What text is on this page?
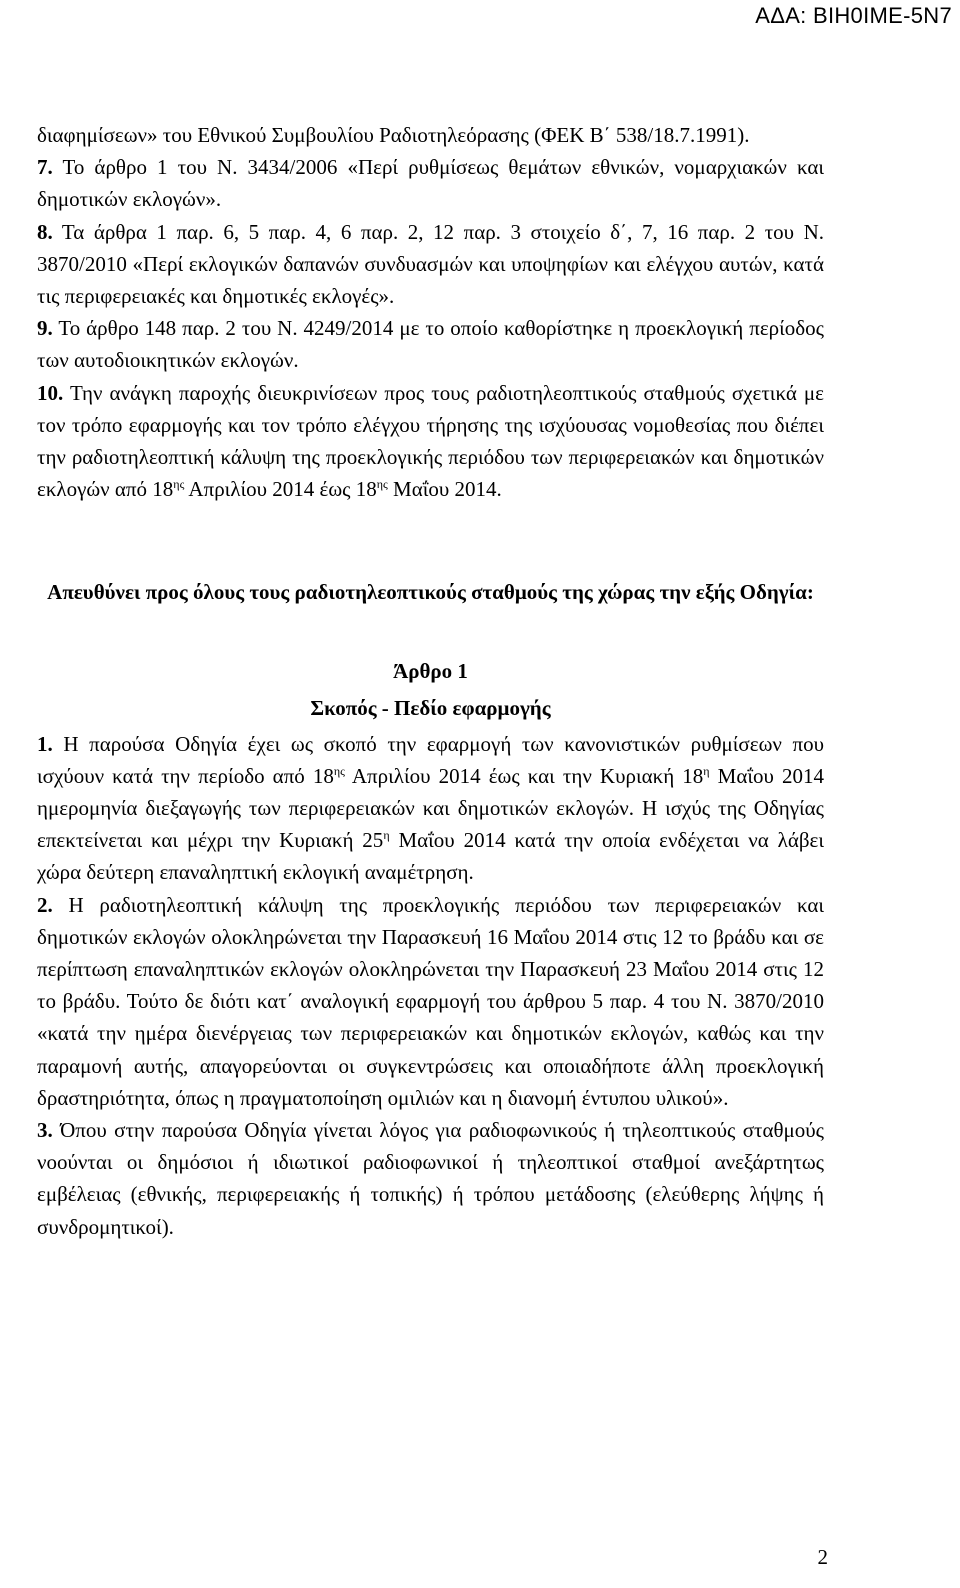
ΑΔΑ: ΒΙΗ0ΙΜΕ-5Ν7

διαφημίσεων» του Εθνικού Συμβουλίου Ραδιοτηλεόρασης (ΦΕΚ Β΄ 538/18.7.1991).

7. Το άρθρο 1 του Ν. 3434/2006 «Περί ρυθμίσεως θεμάτων εθνικών, νομαρχιακών και δημοτικών εκλογών».

8. Τα άρθρα 1 παρ. 6, 5 παρ. 4, 6 παρ. 2, 12 παρ. 3 στοιχείο δ΄, 7, 16 παρ. 2 του Ν. 3870/2010 «Περί εκλογικών δαπανών συνδυασμών και υποψηφίων και ελέγχου αυτών, κατά τις περιφερειακές και δημοτικές εκλογές».

9. Το άρθρο 148 παρ. 2 του Ν. 4249/2014 με το οποίο καθορίστηκε η προεκλογική περίοδος των αυτοδιοικητικών εκλογών.

10. Την ανάγκη παροχής διευκρινίσεων προς τους ραδιοτηλεοπτικούς σταθμούς σχετικά με τον τρόπο εφαρμογής και τον τρόπο ελέγχου τήρησης της ισχύουσας νομοθεσίας που διέπει την ραδιοτηλεοπτική κάλυψη της προεκλογικής περιόδου των περιφερειακών και δημοτικών εκλογών από $18^{\eta\varsigma}$ Απριλίου 2014 έως $18^{\eta\varsigma}$ Μαΐου 2014.

Απευθύνει προς όλους τους ραδιοτηλεοπτικούς σταθμούς της χώρας την εξής Οδηγία:
Άρθρο 1
Σκοπός - Πεδίο εφαρμογής

1. Η παρούσα Οδηγία έχει ως σκοπό την εφαρμογή των κανονιστικών ρυθμίσεων που ισχύουν κατά την περίοδο από $18^{\eta\varsigma}$ Απριλίου 2014 έως και την Κυριακή $18^\eta$ Μαΐου 2014 ημερομηνία διεξαγωγής των περιφερειακών και δημοτικών εκλογών. Η ισχύς της Οδηγίας επεκτείνεται και μέχρι την Κυριακή $25^\eta$ Μαΐου 2014 κατά την οποία ενδέχεται να λάβει χώρα δεύτερη επαναληπτική εκλογική αναμέτρηση.

2. Η ραδιοτηλεοπτική κάλυψη της προεκλογικής περιόδου των περιφερειακών και δημοτικών εκλογών ολοκληρώνεται την Παρασκευή 16 Μαΐου 2014 στις 12 το βράδυ και σε περίπτωση επαναληπτικών εκλογών ολοκληρώνεται την Παρασκευή 23 Μαΐου 2014 στις 12 το βράδυ. Τούτο δε διότι κατ΄ αναλογική εφαρμογή του άρθρου 5 παρ. 4 του Ν. 3870/2010 «κατά την ημέρα διενέργειας των περιφερειακών και δημοτικών εκλογών, καθώς και την παραμονή αυτής, απαγορεύονται οι συγκεντρώσεις και οποιαδήποτε άλλη προεκλογική δραστηριότητα, όπως η πραγματοποίηση ομιλιών και η διανομή έντυπου υλικού».

3. Όπου στην παρούσα Οδηγία γίνεται λόγος για ραδιοφωνικούς ή τηλεοπτικούς σταθμούς νοούνται οι δημόσιοι ή ιδιωτικοί ραδιοφωνικοί ή τηλεοπτικοί σταθμοί ανεξάρτητως εμβέλειας (εθνικής, περιφερειακής ή τοπικής) ή τρόπου μετάδοσης (ελεύθερης λήψης ή συνδρομητικοί).

2
